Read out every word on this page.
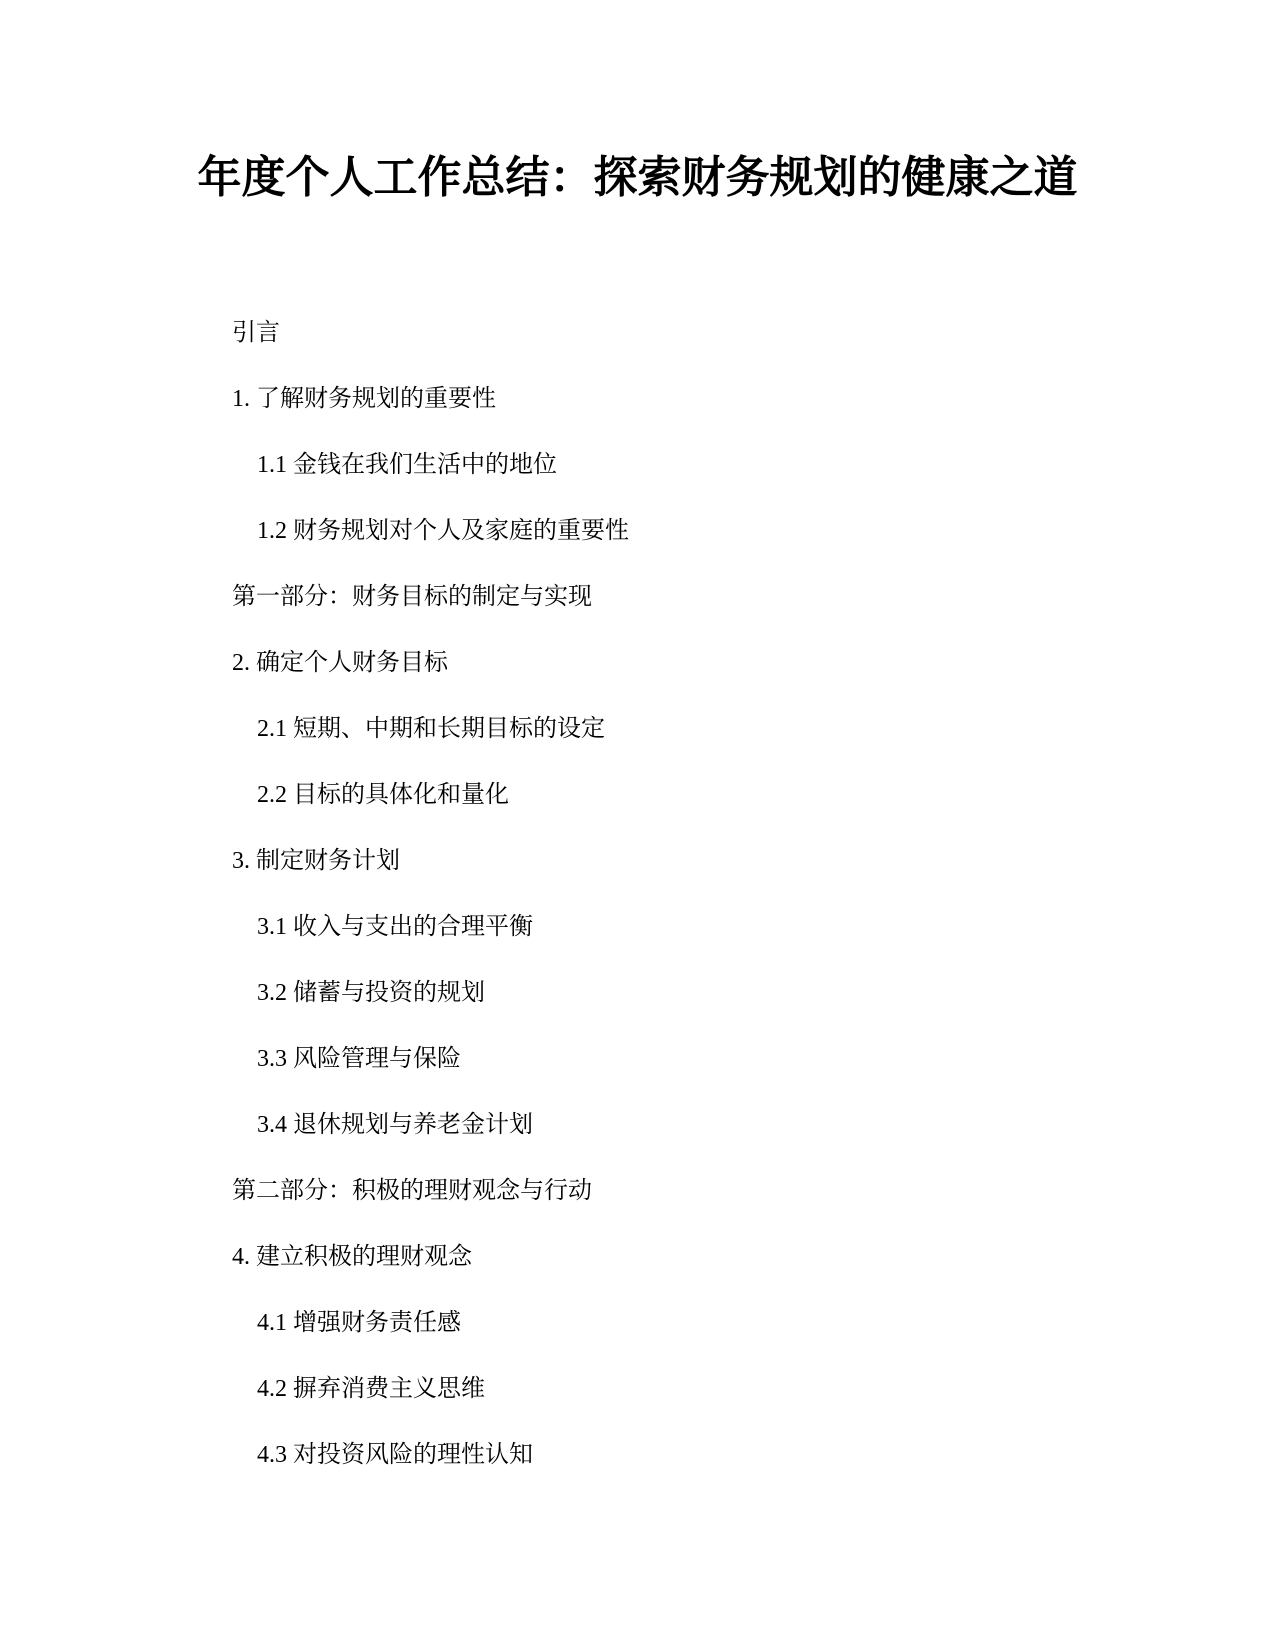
年度个人工作总结：探索财务规划的健康之道
引言
1. 了解财务规划的重要性
1.1 金钱在我们生活中的地位
1.2 财务规划对个人及家庭的重要性
第一部分：财务目标的制定与实现
2. 确定个人财务目标
2.1 短期、中期和长期目标的设定
2.2 目标的具体化和量化
3. 制定财务计划
3.1 收入与支出的合理平衡
3.2 储蓄与投资的规划
3.3 风险管理与保险
3.4 退休规划与养老金计划
第二部分：积极的理财观念与行动
4. 建立积极的理财观念
4.1 增强财务责任感
4.2 摒弃消费主义思维
4.3 对投资风险的理性认知
